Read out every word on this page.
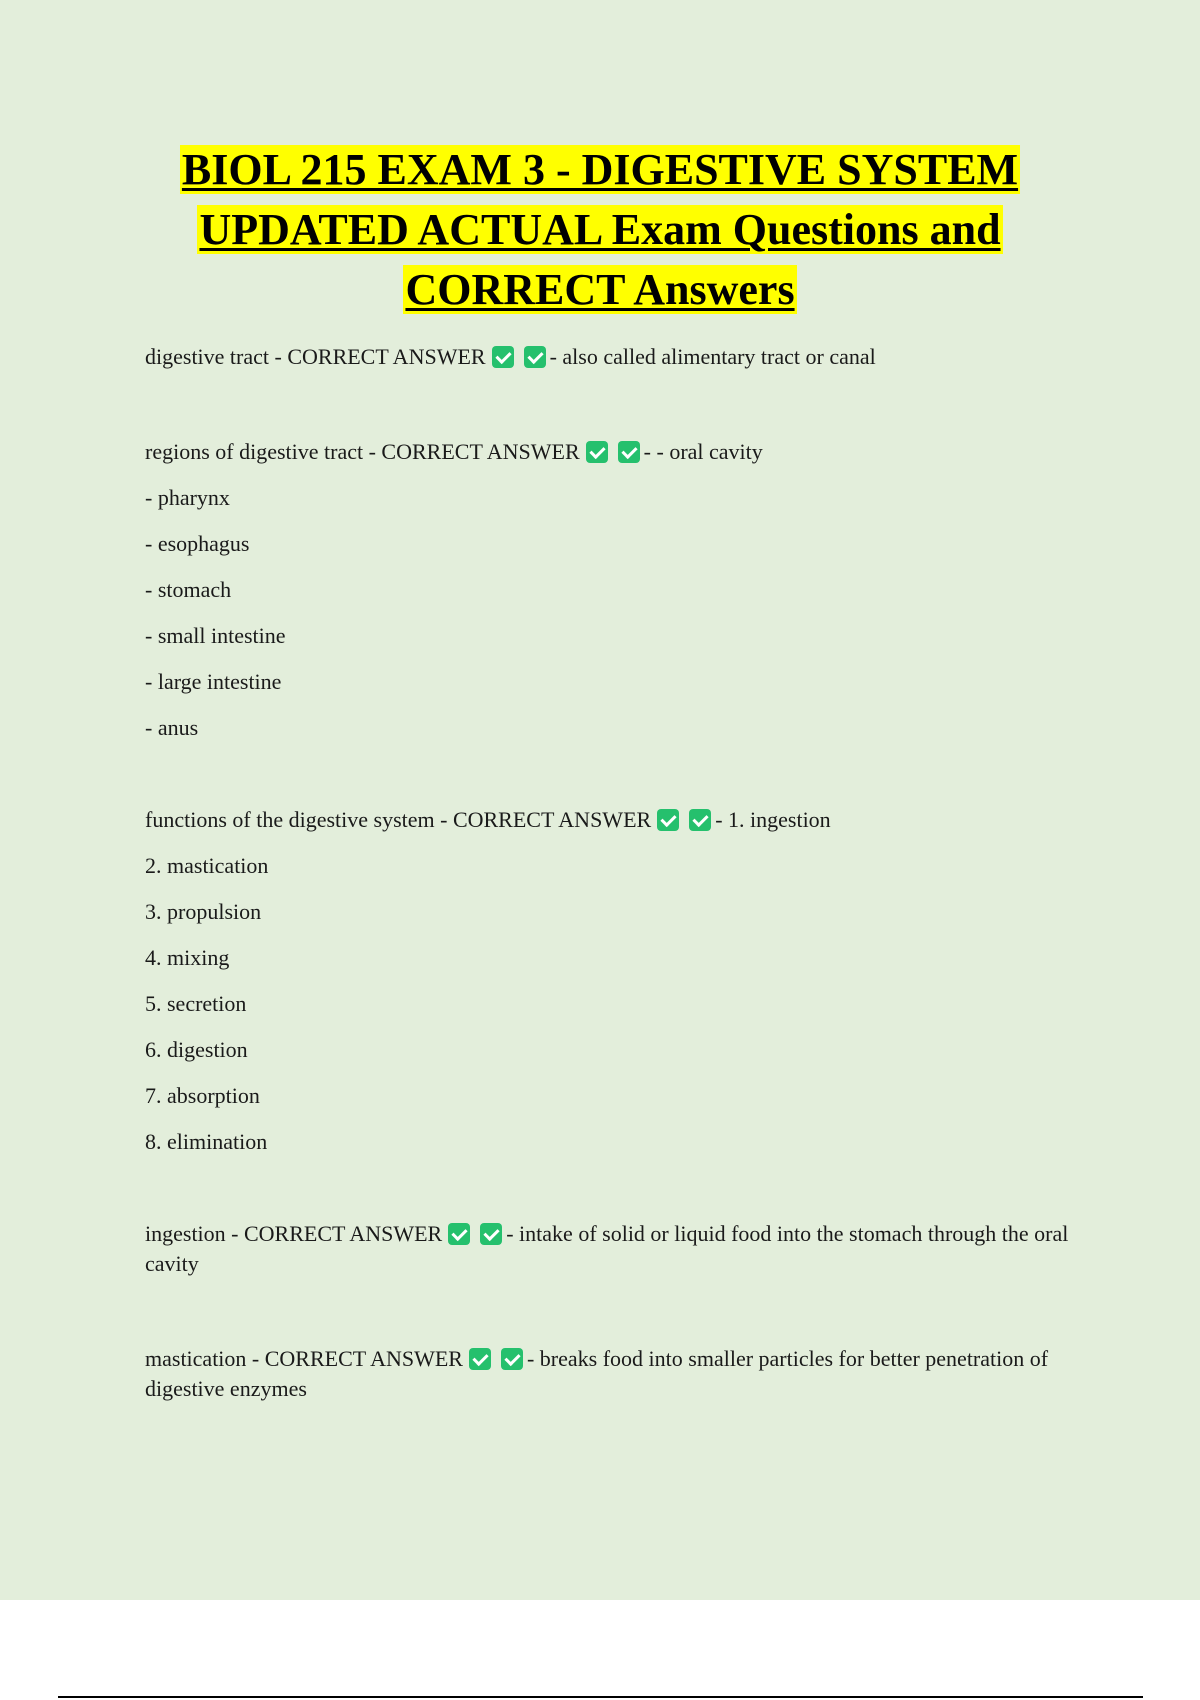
BIOL 215 EXAM 3 - DIGESTIVE SYSTEM
UPDATED ACTUAL Exam Questions and
CORRECT Answers

digestive tract - CORRECT ANSWER	- also called alimentary tract or canal

regions of digestive tract - CORRECT ANSWER	- - oral cavity

- pharynx

- esophagus

- stomach

- small intestine

- large intestine

- anus

functions of the digestive system - CORRECT ANSWER	- 1. ingestion

2. mastication

3. propulsion

4. mixing

5. secretion

6. digestion

7. absorption

8. elimination

ingestion - CORRECT ANSWER	- intake of solid or liquid food into the stomach through the oral cavity

mastication - CORRECT ANSWER	- breaks food into smaller particles for better penetration of digestive enzymes
